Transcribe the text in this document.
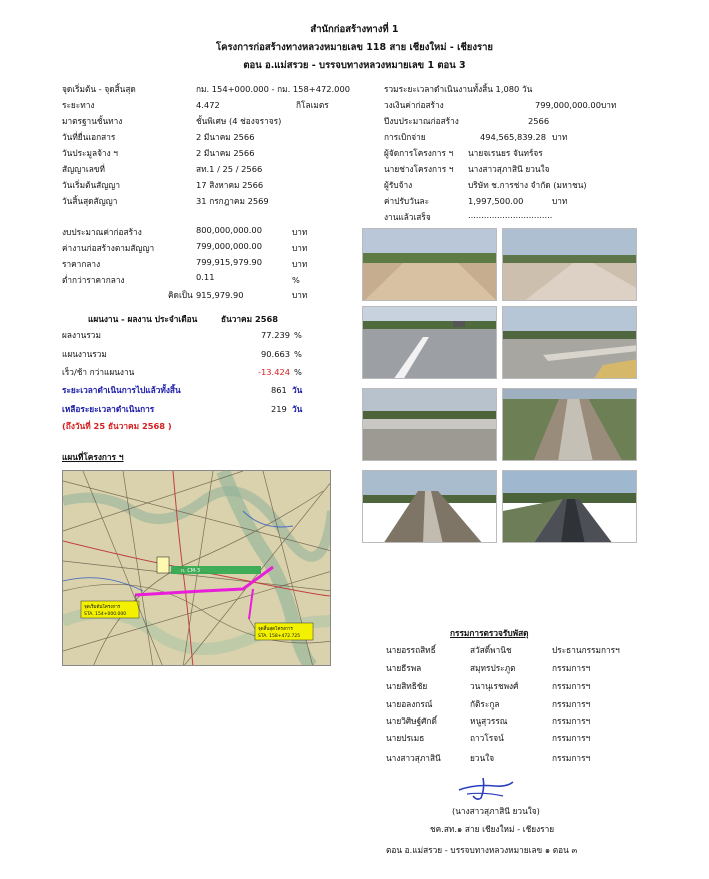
สำนักก่อสร้างทางที่ 1
โครงการก่อสร้างทางหลวงหมายเลข 118 สาย เชียงใหม่ - เชียงราย
ตอน อ.แม่สรวย - บรรจบทางหลวงหมายเลข 1 ตอน 3
จุดเริ่มต้น - จุดสิ้นสุด	กม. 154+000.000 - กม. 158+472.000
ระยะทาง	4.472	กิโลเมตร
มาตรฐานชั้นทาง	ชั้นพิเศษ (4 ช่องจราจร)
วันที่ยื่นเอกสาร	2 มีนาคม 2566
วันประมูลจ้าง ฯ	2 มีนาคม 2566
สัญญาเลขที่	สท.1 / 25 / 2566
วันเริ่มต้นสัญญา	17 สิงหาคม 2566
วันสิ้นสุดสัญญา	31 กรกฎาคม 2569
รวมระยะเวลาดำเนินงานทั้งสิ้น 1,080 วัน
วงเงินค่าก่อสร้าง	799,000,000.00 บาท
ปีงบประมาณก่อสร้าง	2566
การเบิกจ่าย	494,565,839.28 บาท
ผู้จัดการโครงการ ฯ นายจเรนยร จันทร์จร
นายช่างโครงการ ฯ นางสาวสุภาสินี ยวนใจ
ผู้รับจ้าง	บริษัท ช.การช่าง จำกัด (มหาชน)
ค่าปรับวันละ	1,997,500.00	บาท
งานแล้วเสร็จ	................................
งบประมาณค่าก่อสร้าง	800,000,000.00	บาท
ค่างานก่อสร้างตามสัญญา	799,000,000.00	บาท
ราคากลาง	799,915,979.90	บาท
ต่ำกว่าราคากลาง	0.11	%
คิดเป็น 915,979.90	บาท
แผนงาน - ผลงาน ประจำเดือน	ธันวาคม 2568
ผลงานรวม	77.239 %
แผนงานรวม	90.663 %
เร็ว/ช้า กว่าแผนงาน	-13.424 %
ระยะเวลาดำเนินการไปแล้วทั้งสิ้น	861 วัน
เหลือระยะเวลาดำเนินการ	219 วัน
(ถึงวันที่ 25 ธันวาคม 2568 )
แผนที่โครงการ ฯ
ถ. CM-3
จุดเริ่มต้นโครงการ
STA. 154+000.000
จุดสิ้นสุดโครงการ
STA. 158+472.725	กรรมการตรวจรับพัสดุ
นายอรรถสิทธิ์	สวัสดิ์พานิช	ประธานกรรมการฯ
นายธีรพล	สมุทรประภูต	กรรมการฯ
นายสิทธิชัย	วนานุเรชพงศ์	กรรมการฯ
นายอลงกรณ์	กัติระกูล	กรรมการฯ
นายวิศิษฐ์ศักดิ์	หนูสุวรรณ	กรรมการฯ
นายปรเมธ	ถาวโรจน์	กรรมการฯ
นางสาวสุภาสินี	ยวนใจ	กรรมการฯ
(นางสาวสุภาสินี ยวนใจ)
ชค.สท.๑ สาย เชียงใหม่ - เชียงราย
ตอน อ.แม่สรวย - บรรจบทางหลวงหมายเลข ๑ ตอน ๓
